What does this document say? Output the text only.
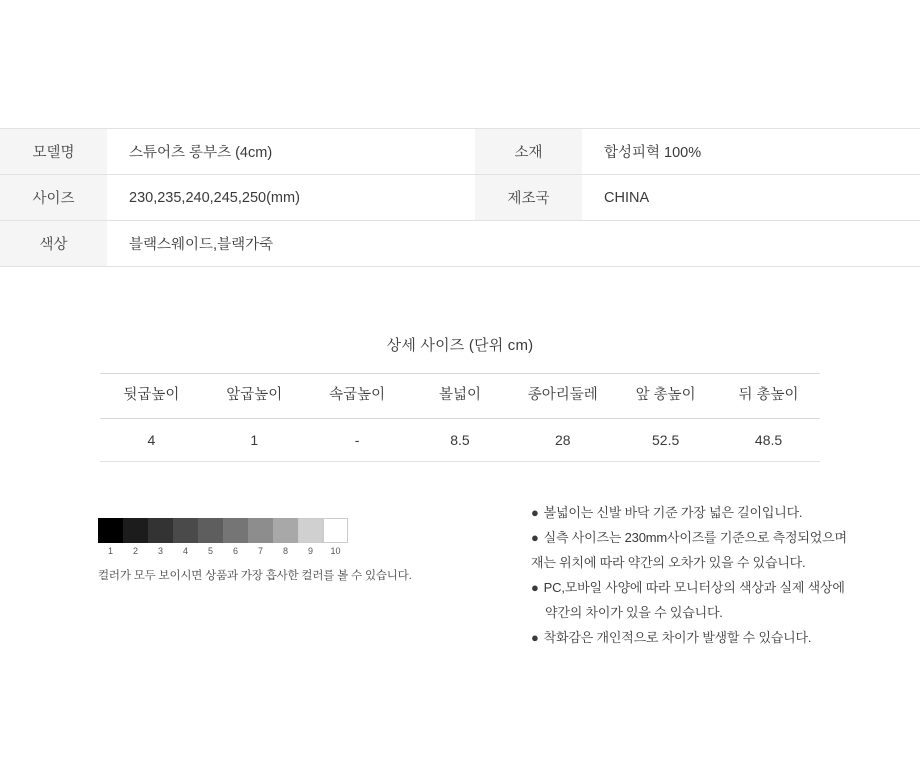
모델명	스튜어츠 롱부츠 (4cm)	소재	합성피혁 100%
사이즈	230,235,240,245,250(mm)	제조국	CHINA
색상	블랙스웨이드,블랙가죽		
상세 사이즈 (단위 cm)
뒷굽높이	앞굽높이	속굽높이	볼넓이	종아리둘레	앞 총높이	뒤 총높이
4	1	-	8.5	28	52.5	48.5
1	2	3	4	5	6	7	8	9	10
컬러가 모두 보이시면 상품과 가장 흡사한 컬러를 볼 수 있습니다.
● 볼넓이는 신발 바닥 기준 가장 넓은 길이입니다.
● 실측 사이즈는 230mm사이즈를 기준으로 측정되었으며
재는 위치에 따라 약간의 오차가 있을 수 있습니다.
● PC,모바일 사양에 따라 모니터상의 색상과 실제 색상에
약간의 차이가 있을 수 있습니다.
● 착화감은 개인적으로 차이가 발생할 수 있습니다.
